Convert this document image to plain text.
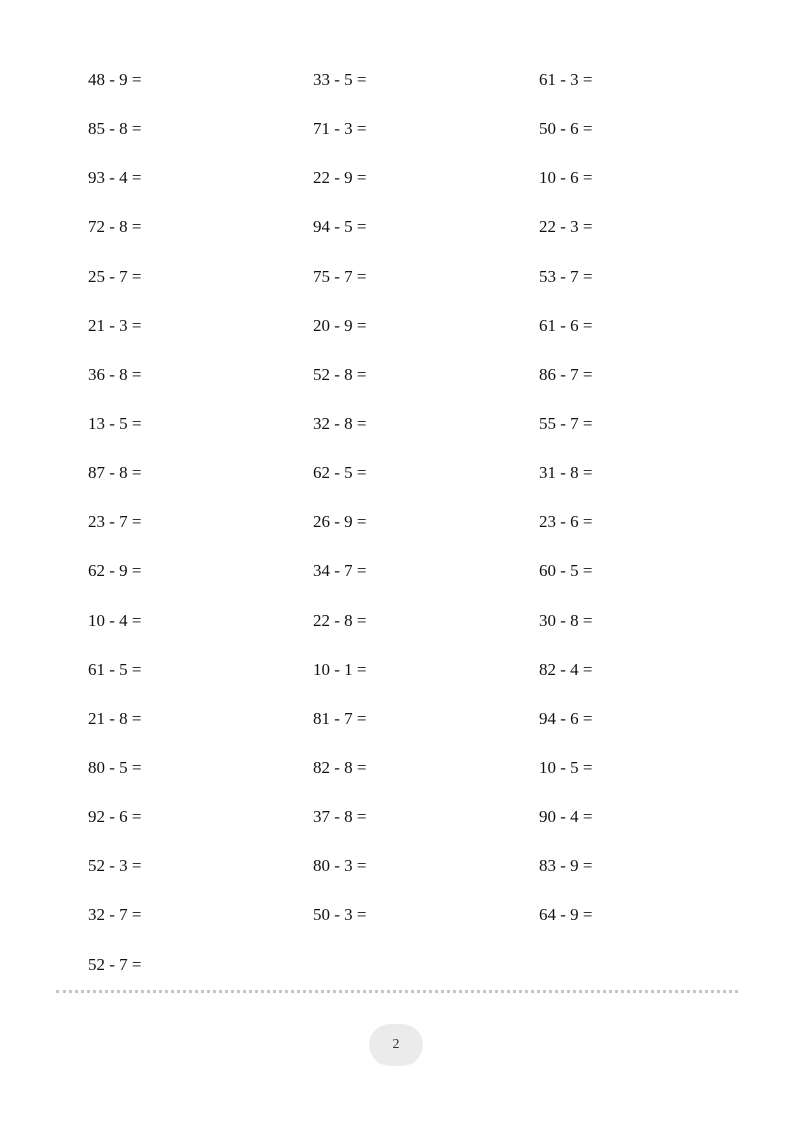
48 - 9 =	33 - 5 =	61 - 3 =
85 - 8 =	71 - 3 =	50 - 6 =
93 - 4 =	22 - 9 =	10 - 6 =
72 - 8 =	94 - 5 =	22 - 3 =
25 - 7 =	75 - 7 =	53 - 7 =
21 - 3 =	20 - 9 =	61 - 6 =
36 - 8 =	52 - 8 =	86 - 7 =
13 - 5 =	32 - 8 =	55 - 7 =
87 - 8 =	62 - 5 =	31 - 8 =
23 - 7 =	26 - 9 =	23 - 6 =
62 - 9 =	34 - 7 =	60 - 5 =
10 - 4 =	22 - 8 =	30 - 8 =
61 - 5 =	10 - 1 =	82 - 4 =
21 - 8 =	81 - 7 =	94 - 6 =
80 - 5 =	82 - 8 =	10 - 5 =
92 - 6 =	37 - 8 =	90 - 4 =
52 - 3 =	80 - 3 =	83 - 9 =
32 - 7 =	50 - 3 =	64 - 9 =
52 - 7 =
2
